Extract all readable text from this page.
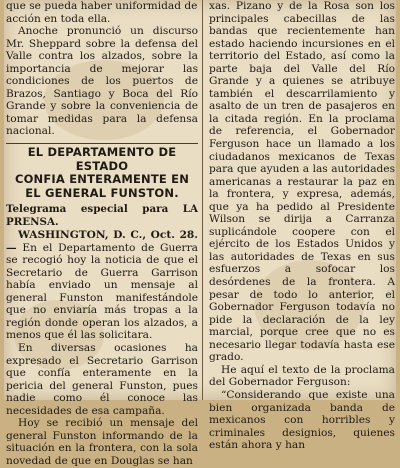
que se pueda haber uniformidad de

acción en toda ella.

Anoche pronunció un discurso Mr. Sheppard sobre la defensa del Valle contra los alzados, sobre la importancia de mejorar las condiciones de los puertos de Brazos, Santiago y Boca del Río Grande y sobre la conveniencia de tomar medidas para la defensa nacional.

EL DEPARTAMENTO DE ESTADO

CONFIA ENTERAMENTE EN

EL GENERAL FUNSTON.

Telegrama especial para LA PRENSA.

WASHINGTON, D. C., Oct. 28.— En el Departamento de Guerra se recogió hoy la noticia de que el Secretario de Guerra Garrison había enviado un mensaje al general Funston manifestándole que no enviaría más tropas a la región donde operan los alzados, a menos que él las solicitara.

En diversas ocasiones ha expresado el Secretario Garrison que confía enteramente en la pericia del general Funston, pues nadie como él conoce las necesidades de esa campaña.

Hoy se recibió un mensaje del general Funston informando de la situación en la frontera, con la sola novedad de que en Douglas se han

xas. Pizano y de la Rosa son los principales cabecillas de las bandas que recientemente han estado haciendo incursiones en el territorio del Estado, así como la parte baja del Valle del Río Grande y a quienes se atribuye también el descarrilamiento y asalto de un tren de pasajeros en la citada región. En la proclama de referencia, el Gobernador Ferguson hace un llamado a los ciudadanos mexicanos de Texas para que ayuden a las autoridades americanas a restaurar la paz en la frontera, y expresa, además, que ya ha pedido al Presidente Wilson se dirija a Carranza suplicándole coopere con el ejército de los Estados Unidos y las autoridades de Texas en sus esfuerzos a sofocar los desórdenes de la frontera. A pesar de todo lo anterior, el Gobernador Ferguson todavía no pide la declaración de la ley marcial, porque cree que no es necesario llegar todavía hasta ese grado.

He aquí el texto de la proclama del Gobernador Ferguson:

“Considerando que existe una bien organizada banda de mexicanos con horribles y criminales designios, quienes están ahora y han
